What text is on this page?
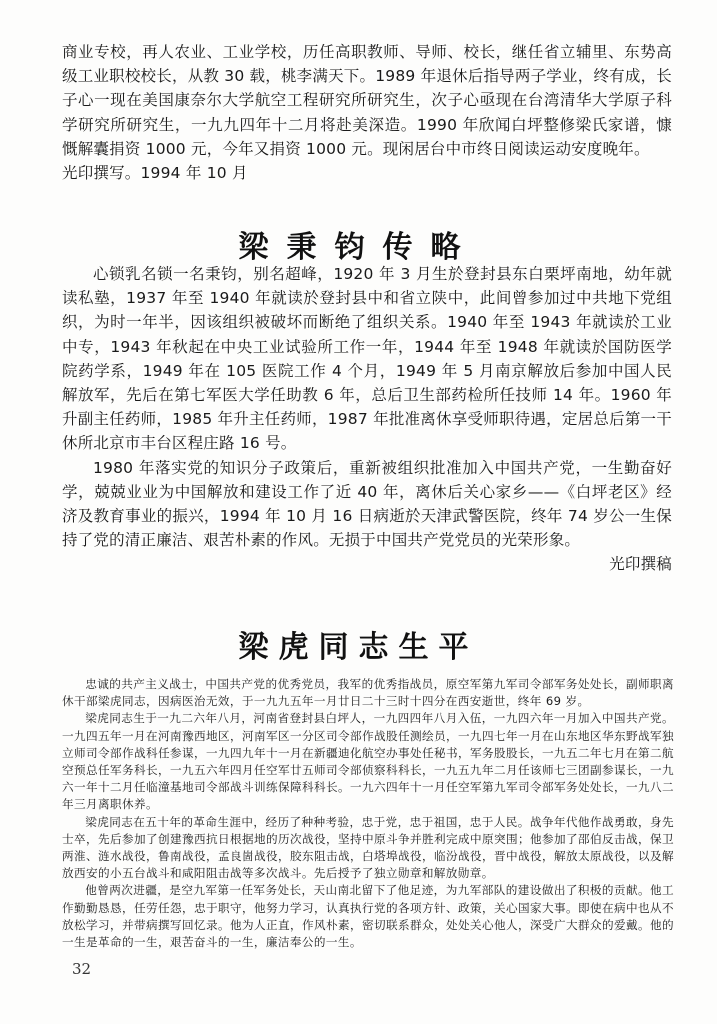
商业专校，再人农业、工业学校，历任高职教师、导师、校长，继任省立辅里、东势高级工业职校校长，从教 30 载，桃李满天下。1989 年退休后指导两子学业，终有成，长子心一现在美国康奈尔大学航空工程研究所研究生，次子心亟现在台湾清华大学原子科学研究所研究生，一九九四年十二月将赴美深造。1990 年欣闻白坪整修梁氏家谱，慷慨解囊捐资 1000 元，今年又捐资 1000 元。现闲居台中市终日阅读运动安度晚年。

光印撰写。1994 年 10 月

梁秉钧传略

心锁乳名锁一名秉钧，别名超峰，1920 年 3 月生於登封县东白栗坪南地，幼年就读私塾，1937 年至 1940 年就读於登封县中和省立陕中，此间曾参加过中共地下党组织，为时一年半，因该组织被破坏而断绝了组织关系。1940 年至 1943 年就读於工业中专，1943 年秋起在中央工业试验所工作一年，1944 年至 1948 年就读於国防医学院药学系，1949 年在 105 医院工作 4 个月，1949 年 5 月南京解放后参加中国人民解放军，先后在第七军医大学任助教 6 年，总后卫生部药检所任技师 14 年。1960 年升副主任药师，1985 年升主任药师，1987 年批准离休享受师职待遇，定居总后第一干休所北京市丰台区程庄路 16 号。

1980 年落实党的知识分子政策后，重新被组织批准加入中国共产党，一生勤奋好学，兢兢业业为中国解放和建设工作了近 40 年，离休后关心家乡——《白坪老区》经济及教育事业的振兴，1994 年 10 月 16 日病逝於天津武警医院，终年 74 岁公一生保持了党的清正廉洁、艰苦朴素的作风。无损于中国共产党党员的光荣形象。

光印撰稿

梁虎同志生平

忠诚的共产主义战士，中国共产党的优秀党员，我军的优秀指战员，原空军第九军司令部军务处处长，副师职离休干部梁虎同志，因病医治无效，于一九九五年一月廿日二十三时十四分在西安逝世，终年 69 岁。

梁虎同志生于一九二六年八月，河南省登封县白坪人，一九四四年八月入伍，一九四六年一月加入中国共产党。一九四五年一月在河南豫西地区，河南军区一分区司令部作战股任测绘员，一九四七年一月在山东地区华东野战军独立师司令部作战科任参谋，一九四九年十一月在新疆迪化航空办事处任秘书，军务股股长，一九五二年七月在第二航空预总任军务科长，一九五六年四月任空军廿五师司令部侦察科科长，一九五九年二月任该师七三团副参谋长，一九六一年十二月任临潼基地司令部战斗训练保障科科长。一九六四年十一月任空军第九军司令部军务处处长，一九八二年三月离职休养。

梁虎同志在五十年的革命生涯中，经历了种种考验，忠于党，忠于祖国，忠于人民。战争年代他作战勇敢，身先士卒，先后参加了创建豫西抗日根据地的历次战役，坚持中原斗争并胜利完成中原突围；他参加了邵伯反击战，保卫两淮、涟水战役，鲁南战役，孟良崮战役，胶东阻击战，白塔埠战役，临汾战役，晋中战役，解放太原战役，以及解放西安的小五台战斗和咸阳阻击战等多次战斗。先后授予了独立勋章和解放勋章。

他曾两次进疆，是空九军第一任军务处长，天山南北留下了他足迹，为九军部队的建设做出了积极的贡献。他工作勤勤恳恳，任劳任怨，忠于职守，他努力学习，认真执行党的各项方针、政策，关心国家大事。即使在病中也从不放松学习，并带病撰写回忆录。他为人正直，作风朴素，密切联系群众，处处关心他人，深受广大群众的爱戴。他的一生是革命的一生，艰苦奋斗的一生，廉洁奉公的一生。

32
